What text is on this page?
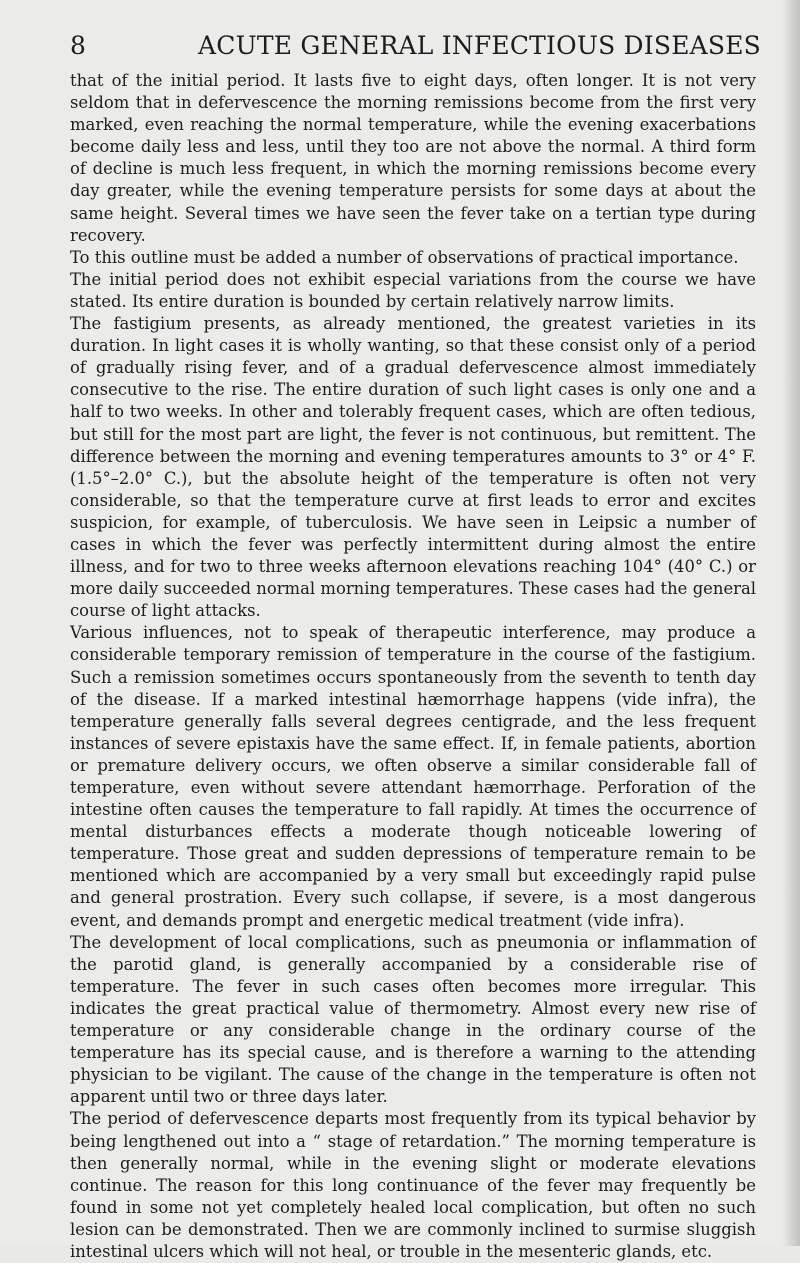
8	ACUTE GENERAL INFECTIOUS DISEASES

that of the initial period. It lasts five to eight days, often longer. It is not very seldom that in defervescence the morning remissions become from the first very marked, even reaching the normal temperature, while the evening exacerbations become daily less and less, until they too are not above the normal. A third form of decline is much less frequent, in which the morning remissions become every day greater, while the evening temperature persists for some days at about the same height. Several times we have seen the fever take on a tertian type during recovery.

To this outline must be added a number of observations of practical importance.

The initial period does not exhibit especial variations from the course we have stated. Its entire duration is bounded by certain relatively narrow limits.

The fastigium presents, as already mentioned, the greatest varieties in its duration. In light cases it is wholly wanting, so that these consist only of a period of gradually rising fever, and of a gradual defervescence almost immediately consecutive to the rise. The entire duration of such light cases is only one and a half to two weeks. In other and tolerably frequent cases, which are often tedious, but still for the most part are light, the fever is not continuous, but remittent. The difference between the morning and evening temperatures amounts to 3° or 4° F. (1.5°–2.0° C.), but the absolute height of the temperature is often not very considerable, so that the temperature curve at first leads to error and excites suspicion, for example, of tuberculosis. We have seen in Leipsic a number of cases in which the fever was perfectly intermittent during almost the entire illness, and for two to three weeks afternoon elevations reaching 104° (40° C.) or more daily succeeded normal morning temperatures. These cases had the general course of light attacks.

Various influences, not to speak of therapeutic interference, may produce a considerable temporary remission of temperature in the course of the fastigium. Such a remission sometimes occurs spontaneously from the seventh to tenth day of the disease. If a marked intestinal hæmorrhage happens (vide infra), the temperature generally falls several degrees centigrade, and the less frequent instances of severe epistaxis have the same effect. If, in female patients, abortion or premature delivery occurs, we often observe a similar considerable fall of temperature, even without severe attendant hæmorrhage. Perforation of the intestine often causes the temperature to fall rapidly. At times the occurrence of mental disturbances effects a moderate though noticeable lowering of temperature. Those great and sudden depressions of temperature remain to be mentioned which are accompanied by a very small but exceedingly rapid pulse and general prostration. Every such collapse, if severe, is a most dangerous event, and demands prompt and energetic medical treatment (vide infra).

The development of local complications, such as pneumonia or inflammation of the parotid gland, is generally accompanied by a considerable rise of temperature. The fever in such cases often becomes more irregular. This indicates the great practical value of thermometry. Almost every new rise of temperature or any considerable change in the ordinary course of the temperature has its special cause, and is therefore a warning to the attending physician to be vigilant. The cause of the change in the temperature is often not apparent until two or three days later.

The period of defervescence departs most frequently from its typical behavior by being lengthened out into a “ stage of retardation.” The morning temperature is then generally normal, while in the evening slight or moderate elevations continue. The reason for this long continuance of the fever may frequently be found in some not yet completely healed local complication, but often no such lesion can be demonstrated. Then we are commonly inclined to surmise sluggish intestinal ulcers which will not heal, or trouble in the mesenteric glands, etc.
